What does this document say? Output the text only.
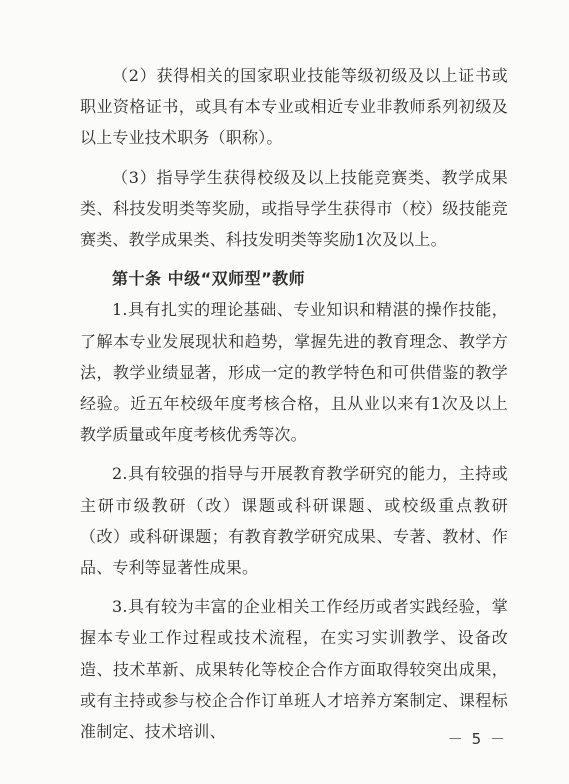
（2）获得相关的国家职业技能等级初级及以上证书或职业资格证书，或具有本专业或相近专业非教师系列初级及以上专业技术职务（职称）。

（3）指导学生获得校级及以上技能竞赛类、教学成果类、科技发明类等奖励，或指导学生获得市（校）级技能竞赛类、教学成果类、科技发明类等奖励1次及以上。

第十条 中级“双师型”教师

1.具有扎实的理论基础、专业知识和精湛的操作技能，了解本专业发展现状和趋势，掌握先进的教育理念、教学方法，教学业绩显著，形成一定的教学特色和可供借鉴的教学经验。近五年校级年度考核合格，且从业以来有1次及以上教学质量或年度考核优秀等次。

2.具有较强的指导与开展教育教学研究的能力，主持或主研市级教研（改）课题或科研课题、或校级重点教研（改）或科研课题；有教育教学研究成果、专著、教材、作品、专利等显著性成果。

3.具有较为丰富的企业相关工作经历或者实践经验，掌握本专业工作过程或技术流程，在实习实训教学、设备改造、技术革新、成果转化等校企合作方面取得较突出成果，或有主持或参与校企合作订单班人才培养方案制定、课程标准制定、技术培训、	－ 5 －
